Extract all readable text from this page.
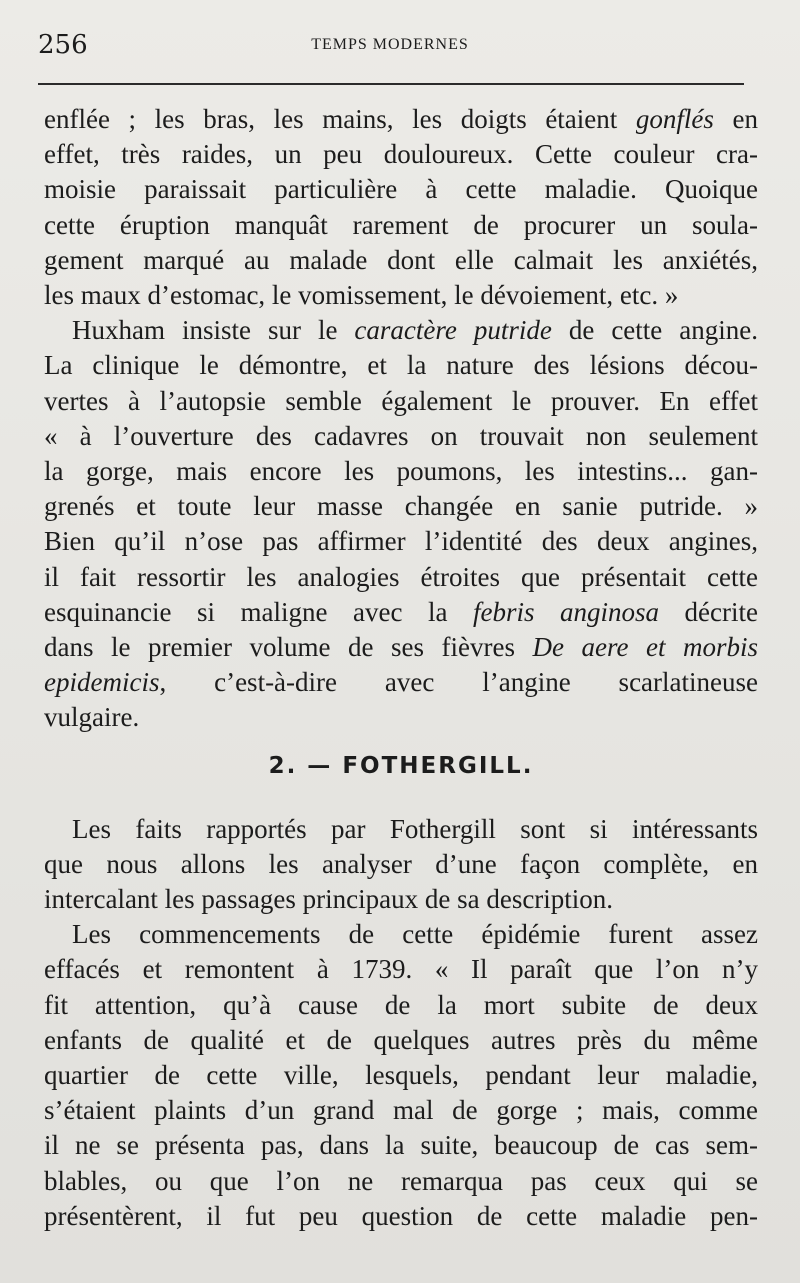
256	TEMPS MODERNES

enflée ; les bras, les mains, les doigts étaient gonflés en
effet, très raides, un peu douloureux. Cette couleur cra-
moisie paraissait particulière à cette maladie. Quoique
cette éruption manquât rarement de procurer un soula-
gement marqué au malade dont elle calmait les anxiétés,
les maux d’estomac, le vomissement, le dévoiement, etc. »

Huxham insiste sur le caractère putride de cette angine.
La clinique le démontre, et la nature des lésions décou-
vertes à l’autopsie semble également le prouver. En effet
« à l’ouverture des cadavres on trouvait non seulement
la gorge, mais encore les poumons, les intestins... gan-
grenés et toute leur masse changée en sanie putride. »
Bien qu’il n’ose pas affirmer l’identité des deux angines,
il fait ressortir les analogies étroites que présentait cette
esquinancie si maligne avec la febris anginosa décrite
dans le premier volume de ses fièvres De aere et morbis
epidemicis, c’est-à-dire avec l’angine scarlatineuse
vulgaire.

2. — FOTHERGILL.

Les faits rapportés par Fothergill sont si intéressants
que nous allons les analyser d’une façon complète, en
intercalant les passages principaux de sa description.

Les commencements de cette épidémie furent assez
effacés et remontent à 1739. « Il paraît que l’on n’y
fit attention, qu’à cause de la mort subite de deux
enfants de qualité et de quelques autres près du même
quartier de cette ville, lesquels, pendant leur maladie,
s’étaient plaints d’un grand mal de gorge ; mais, comme
il ne se présenta pas, dans la suite, beaucoup de cas sem-
blables, ou que l’on ne remarqua pas ceux qui se
présentèrent, il fut peu question de cette maladie pen-
